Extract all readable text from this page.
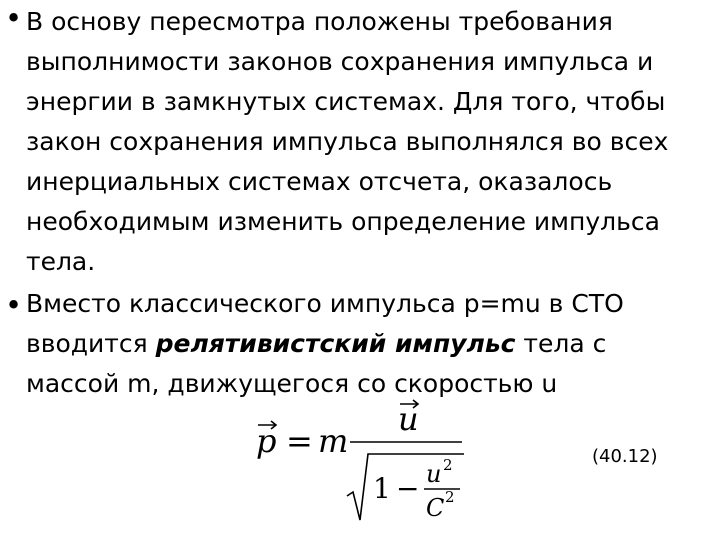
• В основу пересмотра положены требования выполнимости законов сохранения импульса и энергии в замкнутых системах. Для того, чтобы закон сохранения импульса выполнялся во всех инерциальных системах отсчета, оказалось необходимым изменить определение импульса тела.
• Вместо классического импульса p=mu в СТО вводится релятивистский импульс тела с массой m, движущегося со скоростью u
p = m
u
1 − u 2
C 2
(40.12)
